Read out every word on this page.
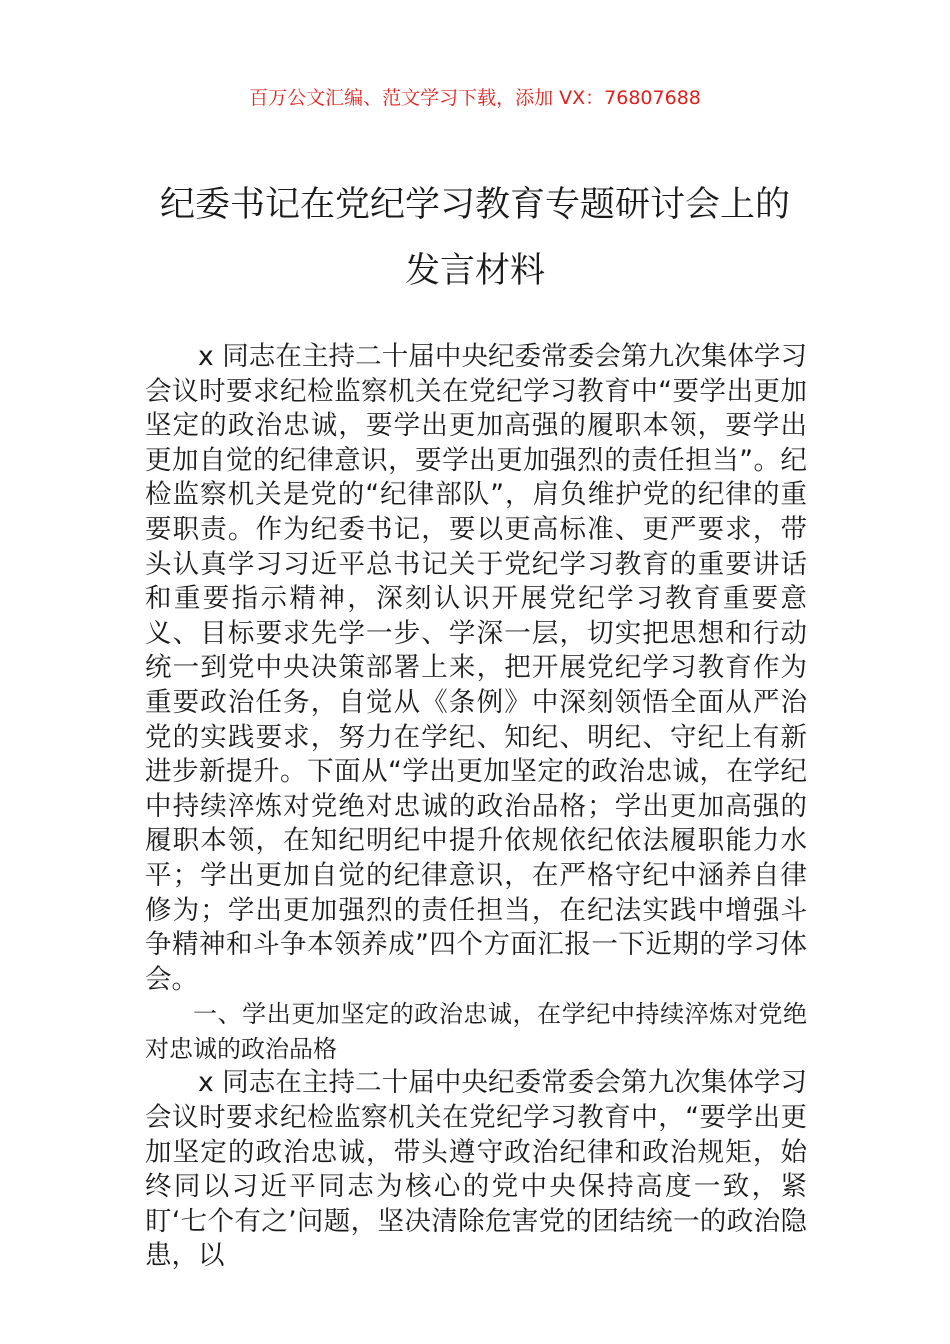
百万公文汇编、范文学习下载，添加 VX：76807688
纪委书记在党纪学习教育专题研讨会上的
发言材料

x 同志在主持二十届中央纪委常委会第九次集体学习会议时要求纪检监察机关在党纪学习教育中“要学出更加坚定的政治忠诚，要学出更加高强的履职本领，要学出更加自觉的纪律意识，要学出更加强烈的责任担当”。纪检监察机关是党的“纪律部队”，肩负维护党的纪律的重要职责。作为纪委书记，要以更高标准、更严要求，带头认真学习习近平总书记关于党纪学习教育的重要讲话和重要指示精神，深刻认识开展党纪学习教育重要意义、目标要求先学一步、学深一层，切实把思想和行动统一到党中央决策部署上来，把开展党纪学习教育作为重要政治任务，自觉从《条例》中深刻领悟全面从严治党的实践要求，努力在学纪、知纪、明纪、守纪上有新进步新提升。下面从“学出更加坚定的政治忠诚，在学纪中持续淬炼对党绝对忠诚的政治品格；学出更加高强的履职本领，在知纪明纪中提升依规依纪依法履职能力水平；学出更加自觉的纪律意识，在严格守纪中涵养自律修为；学出更加强烈的责任担当，在纪法实践中增强斗争精神和斗争本领养成”四个方面汇报一下近期的学习体会。

一、学出更加坚定的政治忠诚，在学纪中持续淬炼对党绝对忠诚的政治品格

x 同志在主持二十届中央纪委常委会第九次集体学习会议时要求纪检监察机关在党纪学习教育中，“要学出更加坚定的政治忠诚，带头遵守政治纪律和政治规矩，始终同以习近平同志为核心的党中央保持高度一致，紧盯‘七个有之’问题，坚决清除危害党的团结统一的政治隐患，以
